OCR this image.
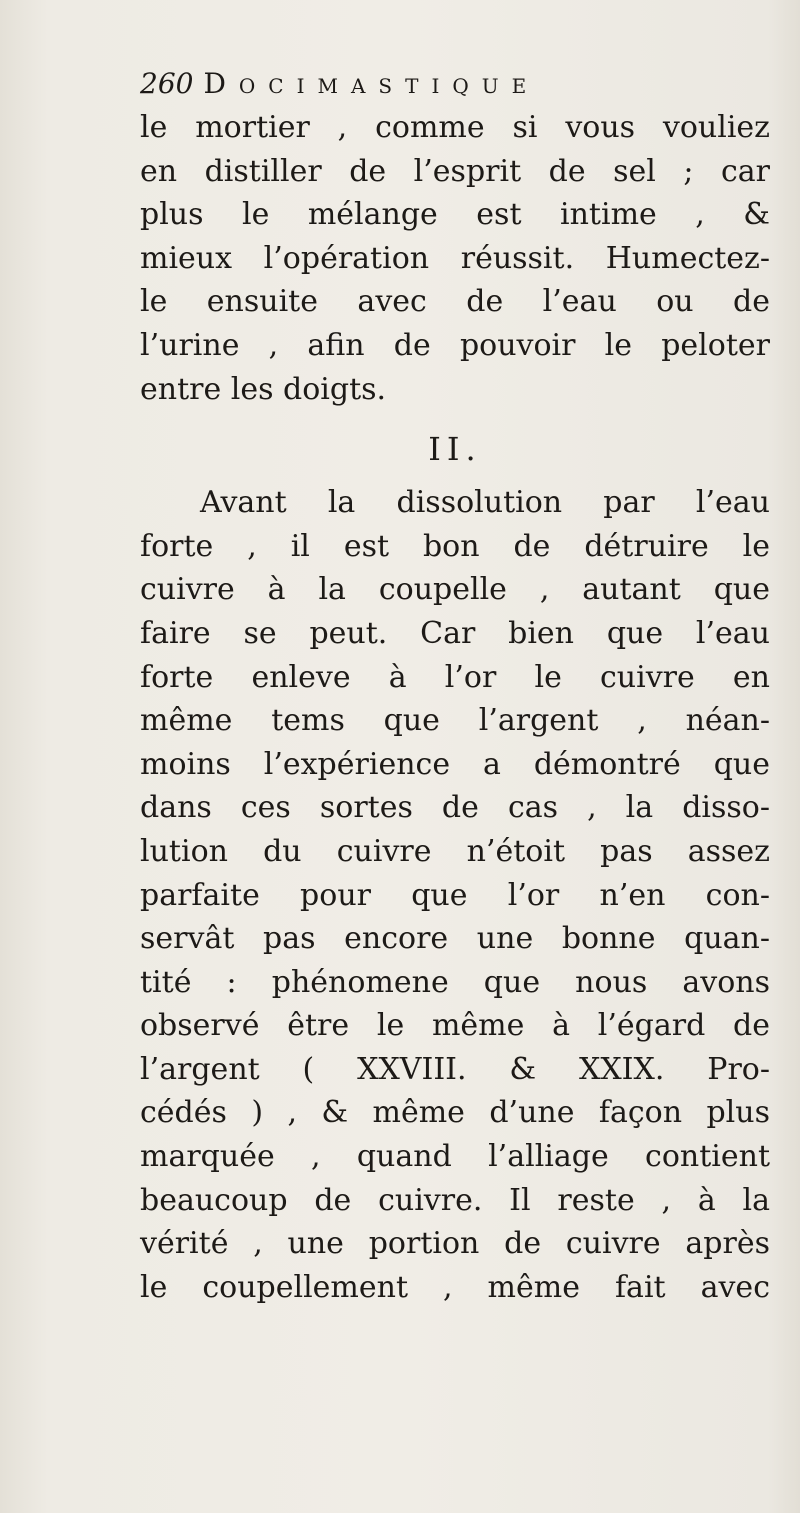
260 Docimastique
le mortier , comme si vous vouliez
en distiller de l’esprit de sel ; car
plus le mélange est intime , &
mieux l’opération réussit. Humectez-
le ensuite avec de l’eau ou de
l’urine , afin de pouvoir le peloter
entre les doigts.
II.
Avant la dissolution par l’eau
forte , il est bon de détruire le
cuivre à la coupelle , autant que
faire se peut. Car bien que l’eau
forte enleve à l’or le cuivre en
même tems que l’argent , néan-
moins l’expérience a démontré que
dans ces sortes de cas , la disso-
lution du cuivre n’étoit pas assez
parfaite pour que l’or n’en con-
servât pas encore une bonne quan-
tité : phénomene que nous avons
observé être le même à l’égard de
l’argent ( XXVIII. & XXIX. Pro-
cédés ) , & même d’une façon plus
marquée , quand l’alliage contient
beaucoup de cuivre. Il reste , à la
vérité , une portion de cuivre après
le coupellement , même fait avec
